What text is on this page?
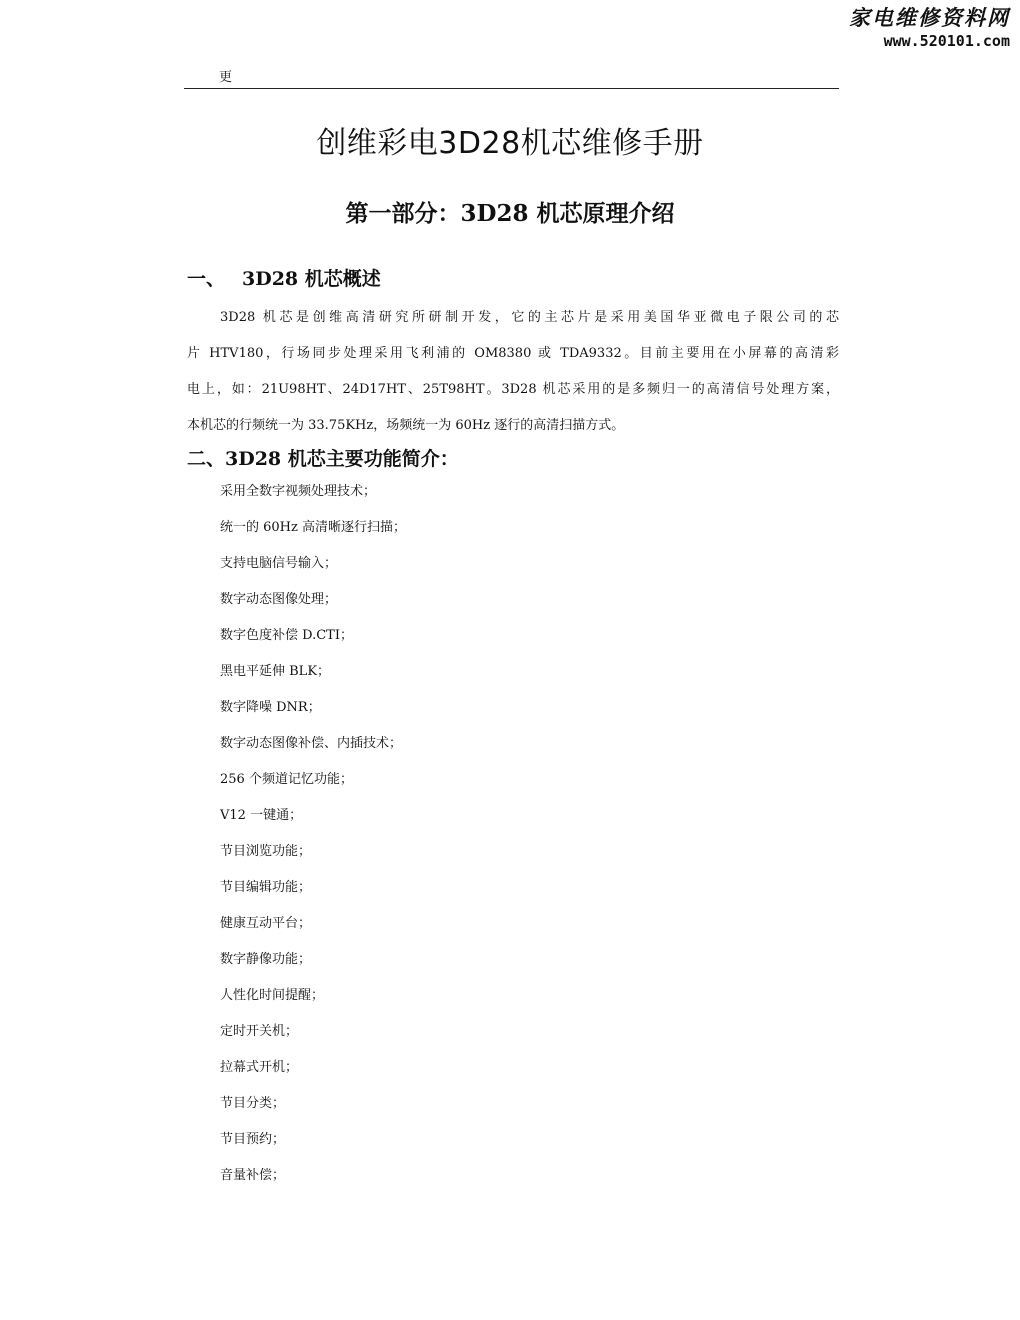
家电维修资料网
www.520101.com
更
创维彩电3D28机芯维修手册
第一部分：3D28 机芯原理介绍
一、 3D28 机芯概述
3D28 机芯是创维高清研究所研制开发，它的主芯片是采用美国华亚微电子限公司的芯
片 HTV180，行场同步处理采用飞利浦的 OM8380 或 TDA9332。目前主要用在小屏幕的高清彩
电上，如：21U98HT、24D17HT、25T98HT。3D28 机芯采用的是多频归一的高清信号处理方案，
本机芯的行频统一为 33.75KHz，场频统一为 60Hz 逐行的高清扫描方式。
二、3D28 机芯主要功能简介：
采用全数字视频处理技术；
统一的 60Hz 高清晰逐行扫描；
支持电脑信号输入；
数字动态图像处理；
数字色度补偿 D.CTI；
黑电平延伸 BLK；
数字降噪 DNR；
数字动态图像补偿、内插技术；
256 个频道记忆功能；
V12 一键通；
节目浏览功能；
节目编辑功能；
健康互动平台；
数字静像功能；
人性化时间提醒；
定时开关机；
拉幕式开机；
节目分类；
节目预约；
音量补偿；
